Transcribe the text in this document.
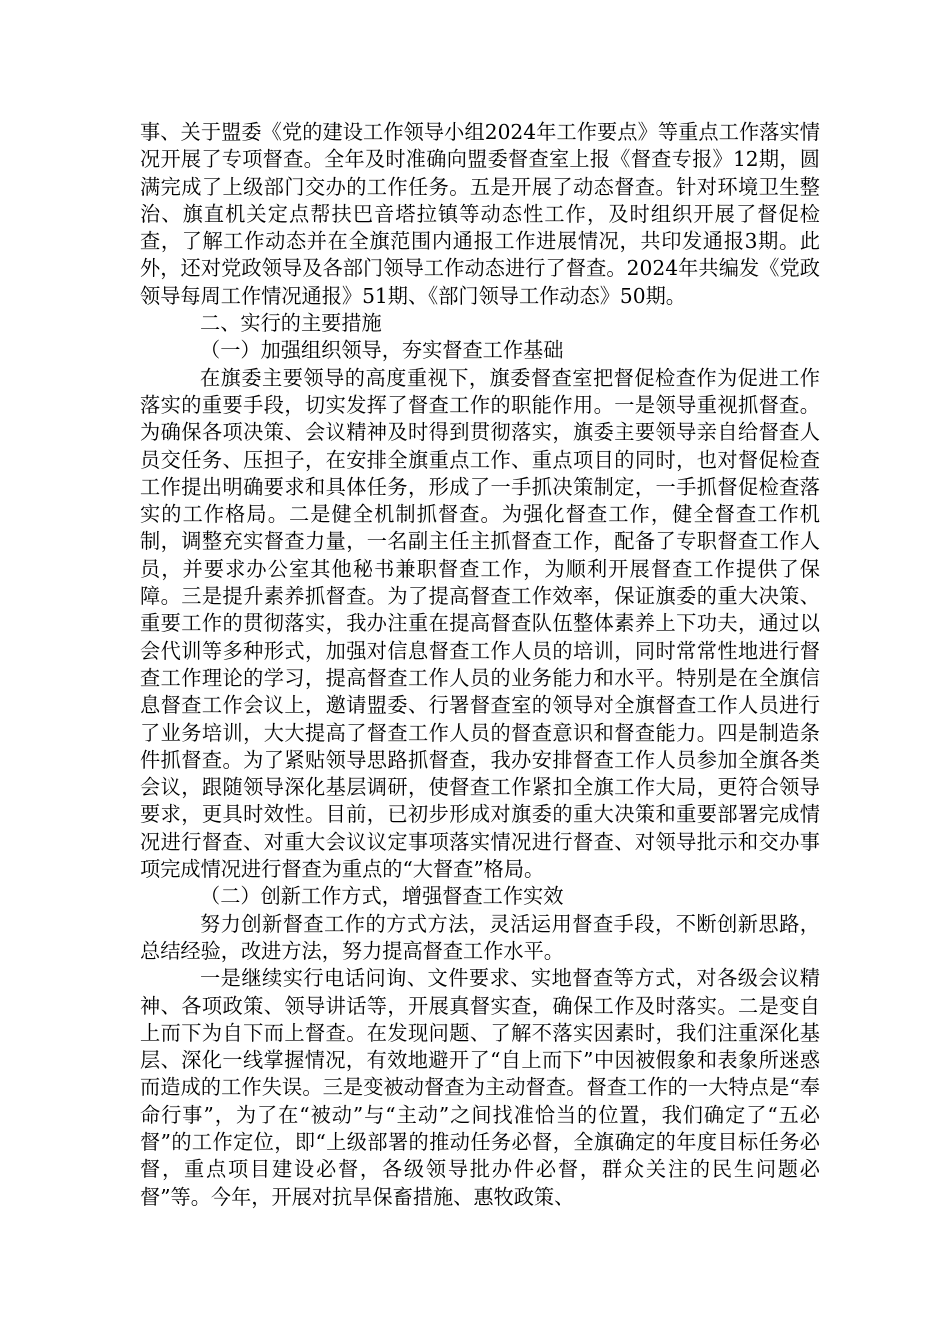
事、关于盟委《党的建设工作领导小组2024年工作要点》等重点工作落实情况开展了专项督查。全年及时准确向盟委督查室上报《督查专报》12期，圆满完成了上级部门交办的工作任务。五是开展了动态督查。针对环境卫生整治、旗直机关定点帮扶巴音塔拉镇等动态性工作，及时组织开展了督促检查，了解工作动态并在全旗范围内通报工作进展情况，共印发通报3期。此外，还对党政领导及各部门领导工作动态进行了督查。2024年共编发《党政领导每周工作情况通报》51期、《部门领导工作动态》50期。

二、实行的主要措施

（一）加强组织领导，夯实督查工作基础

在旗委主要领导的高度重视下，旗委督查室把督促检查作为促进工作落实的重要手段，切实发挥了督查工作的职能作用。一是领导重视抓督查。为确保各项决策、会议精神及时得到贯彻落实，旗委主要领导亲自给督查人员交任务、压担子，在安排全旗重点工作、重点项目的同时，也对督促检查工作提出明确要求和具体任务，形成了一手抓决策制定，一手抓督促检查落实的工作格局。二是健全机制抓督查。为强化督查工作，健全督查工作机制，调整充实督查力量，一名副主任主抓督查工作，配备了专职督查工作人员，并要求办公室其他秘书兼职督查工作，为顺利开展督查工作提供了保障。三是提升素养抓督查。为了提高督查工作效率，保证旗委的重大决策、重要工作的贯彻落实，我办注重在提高督查队伍整体素养上下功夫，通过以会代训等多种形式，加强对信息督查工作人员的培训，同时常常性地进行督查工作理论的学习，提高督查工作人员的业务能力和水平。特别是在全旗信息督查工作会议上，邀请盟委、行署督查室的领导对全旗督查工作人员进行了业务培训，大大提高了督查工作人员的督查意识和督查能力。四是制造条件抓督查。为了紧贴领导思路抓督查，我办安排督查工作人员参加全旗各类会议，跟随领导深化基层调研，使督查工作紧扣全旗工作大局，更符合领导要求，更具时效性。目前，已初步形成对旗委的重大决策和重要部署完成情况进行督查、对重大会议议定事项落实情况进行督查、对领导批示和交办事项完成情况进行督查为重点的“大督查”格局。

（二）创新工作方式，增强督查工作实效

努力创新督查工作的方式方法，灵活运用督查手段，不断创新思路，总结经验，改进方法，努力提高督查工作水平。

一是继续实行电话问询、文件要求、实地督查等方式，对各级会议精神、各项政策、领导讲话等，开展真督实查，确保工作及时落实。二是变自上而下为自下而上督查。在发现问题、了解不落实因素时，我们注重深化基层、深化一线掌握情况，有效地避开了“自上而下”中因被假象和表象所迷惑而造成的工作失误。三是变被动督查为主动督查。督查工作的一大特点是“奉命行事”，为了在“被动”与“主动”之间找准恰当的位置，我们确定了“五必督”的工作定位，即“上级部署的推动任务必督，全旗确定的年度目标任务必督，重点项目建设必督，各级领导批办件必督，群众关注的民生问题必督”等。今年，开展对抗旱保畜措施、惠牧政策、
